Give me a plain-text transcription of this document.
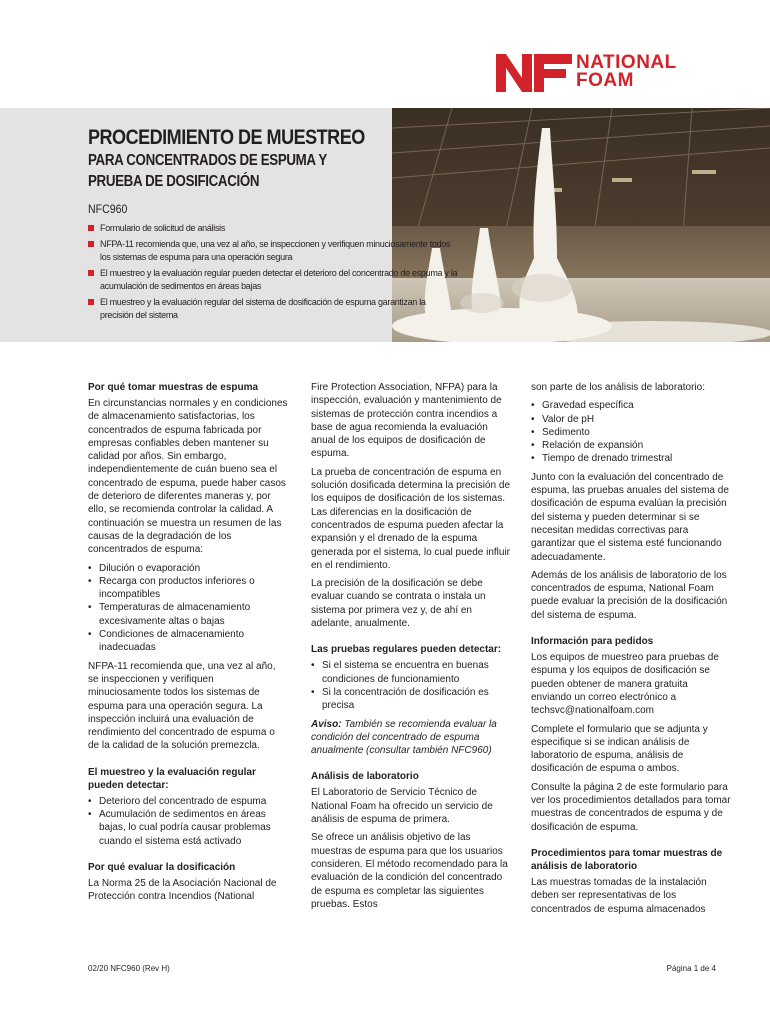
NATIONAL
FOAM
PROCEDIMIENTO DE MUESTREO
PARA CONCENTRADOS DE ESPUMA Y
PRUEBA DE DOSIFICACIÓN
NFC960
Formulario de solicitud de análisis
NFPA-11 recomienda que, una vez al año, se inspeccionen y verifiquen minuciosamente todos los sistemas de espuma para una operación segura
El muestreo y la evaluación regular pueden detectar el deterioro del concentrado de espuma y la acumulación de sedimentos en áreas bajas
El muestreo y la evaluación regular del sistema de dosificación de espuma garantizan la precisión del sistema
Por qué tomar muestras de espuma

En circunstancias normales y en condiciones de almacenamiento satisfactorias, los concentrados de espuma fabricada por empresas confiables deben mantener su calidad por años. Sin embargo, independientemente de cuán bueno sea el concentrado de espuma, puede haber casos de deterioro de diferentes maneras y, por ello, se recomienda controlar la calidad. A continuación se muestra un resumen de las causas de la degradación de los concentrados de espuma:

• Dilución o evaporación
• Recarga con productos inferiores o incompatibles
• Temperaturas de almacenamiento excesivamente altas o bajas
• Condiciones de almacenamiento inadecuadas

NFPA-11 recomienda que, una vez al año, se inspeccionen y verifiquen minuciosamente todos los sistemas de espuma para una operación segura. La inspección incluirá una evaluación de rendimiento del concentrado de espuma o de la calidad de la solución premezcla.

El muestreo y la evaluación regular pueden detectar:
• Deterioro del concentrado de espuma
• Acumulación de sedimentos en áreas bajas, lo cual podría causar problemas cuando el sistema está activado
Por qué evaluar la dosificación

La Norma 25 de la Asociación Nacional de Protección contra Incendios (National

Fire Protection Association, NFPA) para la inspección, evaluación y mantenimiento de sistemas de protección contra incendios a base de agua recomienda la evaluación anual de los equipos de dosificación de espuma.

La prueba de concentración de espuma en solución dosificada determina la precisión de los equipos de dosificación de los sistemas. Las diferencias en la dosificación de concentrados de espuma pueden afectar la expansión y el drenado de la espuma generada por el sistema, lo cual puede influir en el rendimiento.

La precisión de la dosificación se debe evaluar cuando se contrata o instala un sistema por primera vez y, de ahí en adelante, anualmente.

Las pruebas regulares pueden detectar:
• Si el sistema se encuentra en buenas condiciones de funcionamiento
• Si la concentración de dosificación es precisa

Aviso: También se recomienda evaluar la condición del concentrado de espuma anualmente (consultar también NFC960)

Análisis de laboratorio

El Laboratorio de Servicio Técnico de National Foam ha ofrecido un servicio de análisis de espuma de primera.

Se ofrece un análisis objetivo de las muestras de espuma para que los usuarios consideren. El método recomendado para la evaluación de la condición del concentrado de espuma es completar las siguientes pruebas. Estos

son parte de los análisis de laboratorio:

• Gravedad específica
• Valor de pH
• Sedimento
• Relación de expansión
• Tiempo de drenado trimestral

Junto con la evaluación del concentrado de espuma, las pruebas anuales del sistema de dosificación de espuma evalúan la precisión del sistema y pueden determinar si se necesitan medidas correctivas para garantizar que el sistema esté funcionando adecuadamente.

Además de los análisis de laboratorio de los concentrados de espuma, National Foam puede evaluar la precisión de la dosificación del sistema de espuma.

Información para pedidos

Los equipos de muestreo para pruebas de espuma y los equipos de dosificación se pueden obtener de manera gratuita enviando un correo electrónico a techsvc@nationalfoam.com

Complete el formulario que se adjunta y especifique si se indican análisis de laboratorio de espuma, análisis de dosificación de espuma o ambos.

Consulte la página 2 de este formulario para ver los procedimientos detallados para tomar muestras de concentrados de espuma y de dosificación de espuma.

Procedimientos para tomar muestras de análisis de laboratorio

Las muestras tomadas de la instalación deben ser representativas de los concentrados de espuma almacenados

02/20 NFC960 (Rev H)	Página 1 de 4
